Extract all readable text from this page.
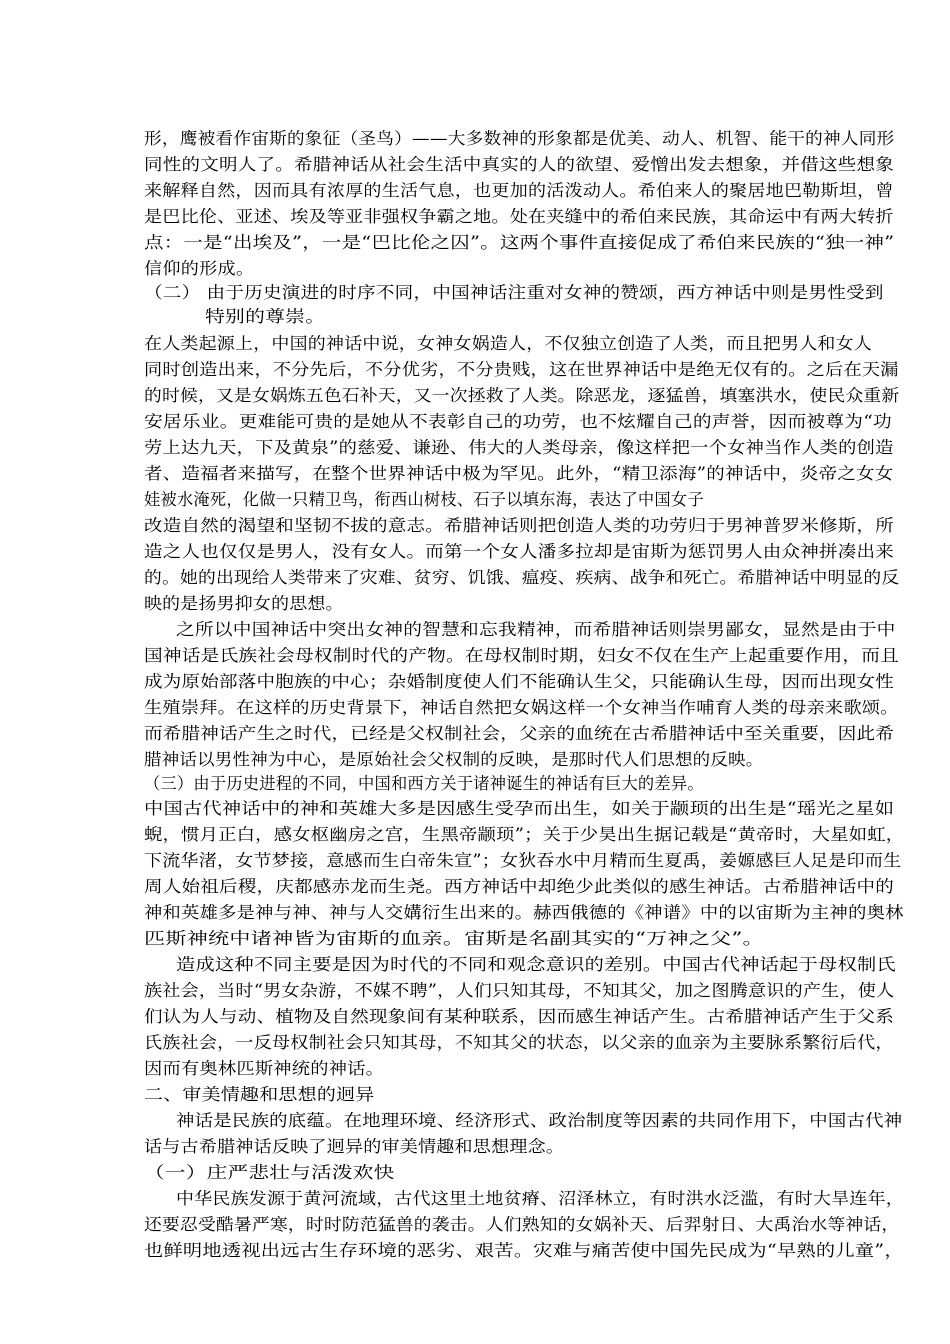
形，鹰被看作宙斯的象征（圣鸟）——大多数神的形象都是优美、动人、机智、能干的神人同形
同性的文明人了。希腊神话从社会生活中真实的人的欲望、爱憎出发去想象，并借这些想象
来解释自然，因而具有浓厚的生活气息，也更加的活泼动人。希伯来人的聚居地巴勒斯坦，曾
是巴比伦、亚述、埃及等亚非强权争霸之地。处在夹缝中的希伯来民族，其命运中有两大转折
点：一是“出埃及”，一是“巴比伦之囚”。这两个事件直接促成了希伯来民族的“独一神”
信仰的形成。
（二） 由于历史演进的时序不同，中国神话注重对女神的赞颂，西方神话中则是男性受到
特别的尊崇。
在人类起源上，中国的神话中说，女神女娲造人，不仅独立创造了人类，而且把男人和女人
同时创造出来，不分先后，不分优劣，不分贵贱，这在世界神话中是绝无仅有的。之后在天漏
的时候，又是女娲炼五色石补天，又一次拯救了人类。除恶龙，逐猛兽，填塞洪水，使民众重新
安居乐业。更难能可贵的是她从不表彰自己的功劳，也不炫耀自己的声誉，因而被尊为“功
劳上达九天，下及黄泉”的慈爱、谦逊、伟大的人类母亲，像这样把一个女神当作人类的创造
者、造福者来描写，在整个世界神话中极为罕见。此外，“精卫添海”的神话中，炎帝之女女
娃被水淹死，化做一只精卫鸟，衔西山树枝、石子以填东海，表达了中国女子
改造自然的渴望和坚韧不拔的意志。希腊神话则把创造人类的功劳归于男神普罗米修斯，所
造之人也仅仅是男人，没有女人。而第一个女人潘多拉却是宙斯为惩罚男人由众神拼凑出来
的。她的出现给人类带来了灾难、贫穷、饥饿、瘟疫、疾病、战争和死亡。希腊神话中明显的反
映的是扬男抑女的思想。
之所以中国神话中突出女神的智慧和忘我精神，而希腊神话则崇男鄙女，显然是由于中
国神话是氏族社会母权制时代的产物。在母权制时期，妇女不仅在生产上起重要作用，而且
成为原始部落中胞族的中心；杂婚制度使人们不能确认生父，只能确认生母，因而出现女性
生殖崇拜。在这样的历史背景下，神话自然把女娲这样一个女神当作哺育人类的母亲来歌颂。
而希腊神话产生之时代，已经是父权制社会，父亲的血统在古希腊神话中至关重要，因此希
腊神话以男性神为中心，是原始社会父权制的反映，是那时代人们思想的反映。
（三）由于历史进程的不同，中国和西方关于诸神诞生的神话有巨大的差异。
中国古代神话中的神和英雄大多是因感生受孕而出生，如关于颛顼的出生是“瑶光之星如
蜺，惯月正白，感女枢幽房之宫，生黑帝颛顼”；关于少昊出生据记载是“黄帝时，大星如虹，
下流华渚，女节梦接，意感而生白帝朱宣”；女狄吞水中月精而生夏禹，姜嫄感巨人足是印而生
周人始祖后稷，庆都感赤龙而生尧。西方神话中却绝少此类似的感生神话。古希腊神话中的
神和英雄多是神与神、神与人交媾衍生出来的。赫西俄德的《神谱》中的以宙斯为主神的奥林
匹斯神统中诸神皆为宙斯的血亲。宙斯是名副其实的“万神之父”。
造成这种不同主要是因为时代的不同和观念意识的差别。中国古代神话起于母权制氏
族社会，当时“男女杂游，不媒不聘”，人们只知其母，不知其父，加之图腾意识的产生，使人
们认为人与动、植物及自然现象间有某种联系，因而感生神话产生。古希腊神话产生于父系
氏族社会，一反母权制社会只知其母，不知其父的状态，以父亲的血亲为主要脉系繁衍后代，
因而有奥林匹斯神统的神话。
二、审美情趣和思想的迥异
神话是民族的底蕴。在地理环境、经济形式、政治制度等因素的共同作用下，中国古代神
话与古希腊神话反映了迥异的审美情趣和思想理念。
（一）庄严悲壮与活泼欢快
中华民族发源于黄河流域，古代这里土地贫瘠、沼泽林立，有时洪水泛滥，有时大旱连年，
还要忍受酷暑严寒，时时防范猛兽的袭击。人们熟知的女娲补天、后羿射日、大禹治水等神话，
也鲜明地透视出远古生存环境的恶劣、艰苦。灾难与痛苦使中国先民成为“早熟的儿童”，
